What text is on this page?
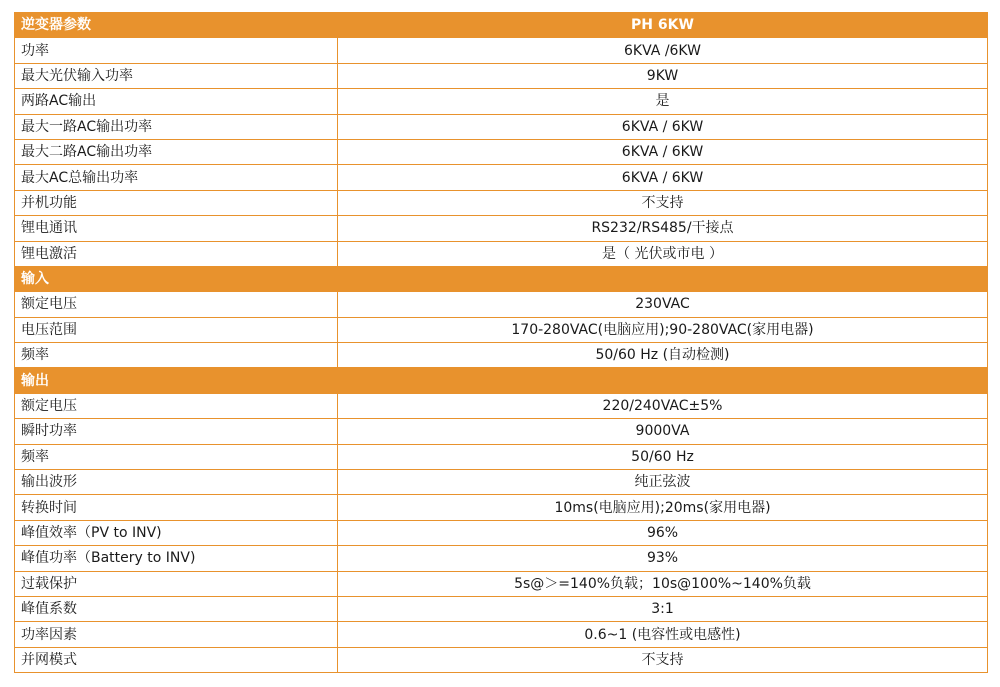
逆变器参数	PH 6KW
功率	6KVA /6KW
最大光伏输入功率	9KW
两路AC输出	是
最大一路AC输出功率	6KVA / 6KW
最大二路AC输出功率	6KVA / 6KW
最大AC总输出功率	6KVA / 6KW
并机功能	不支持
锂电通讯	RS232/RS485/干接点
锂电激活	是（ 光伏或市电 ）
输入	
额定电压	230VAC
电压范围	170-280VAC(电脑应用);90-280VAC(家用电器)
频率	50/60 Hz (自动检测)
输出	
额定电压	220/240VAC±5%
瞬时功率	9000VA
频率	50/60 Hz
输出波形	纯正弦波
转换时间	10ms(电脑应用);20ms(家用电器)
峰值效率（PV to INV)	96%
峰值功率（Battery to INV)	93%
过载保护	5s@＞=140%负载；10s@100%~140%负载
峰值系数	3:1
功率因素	0.6~1 (电容性或电感性)
并网模式	不支持
